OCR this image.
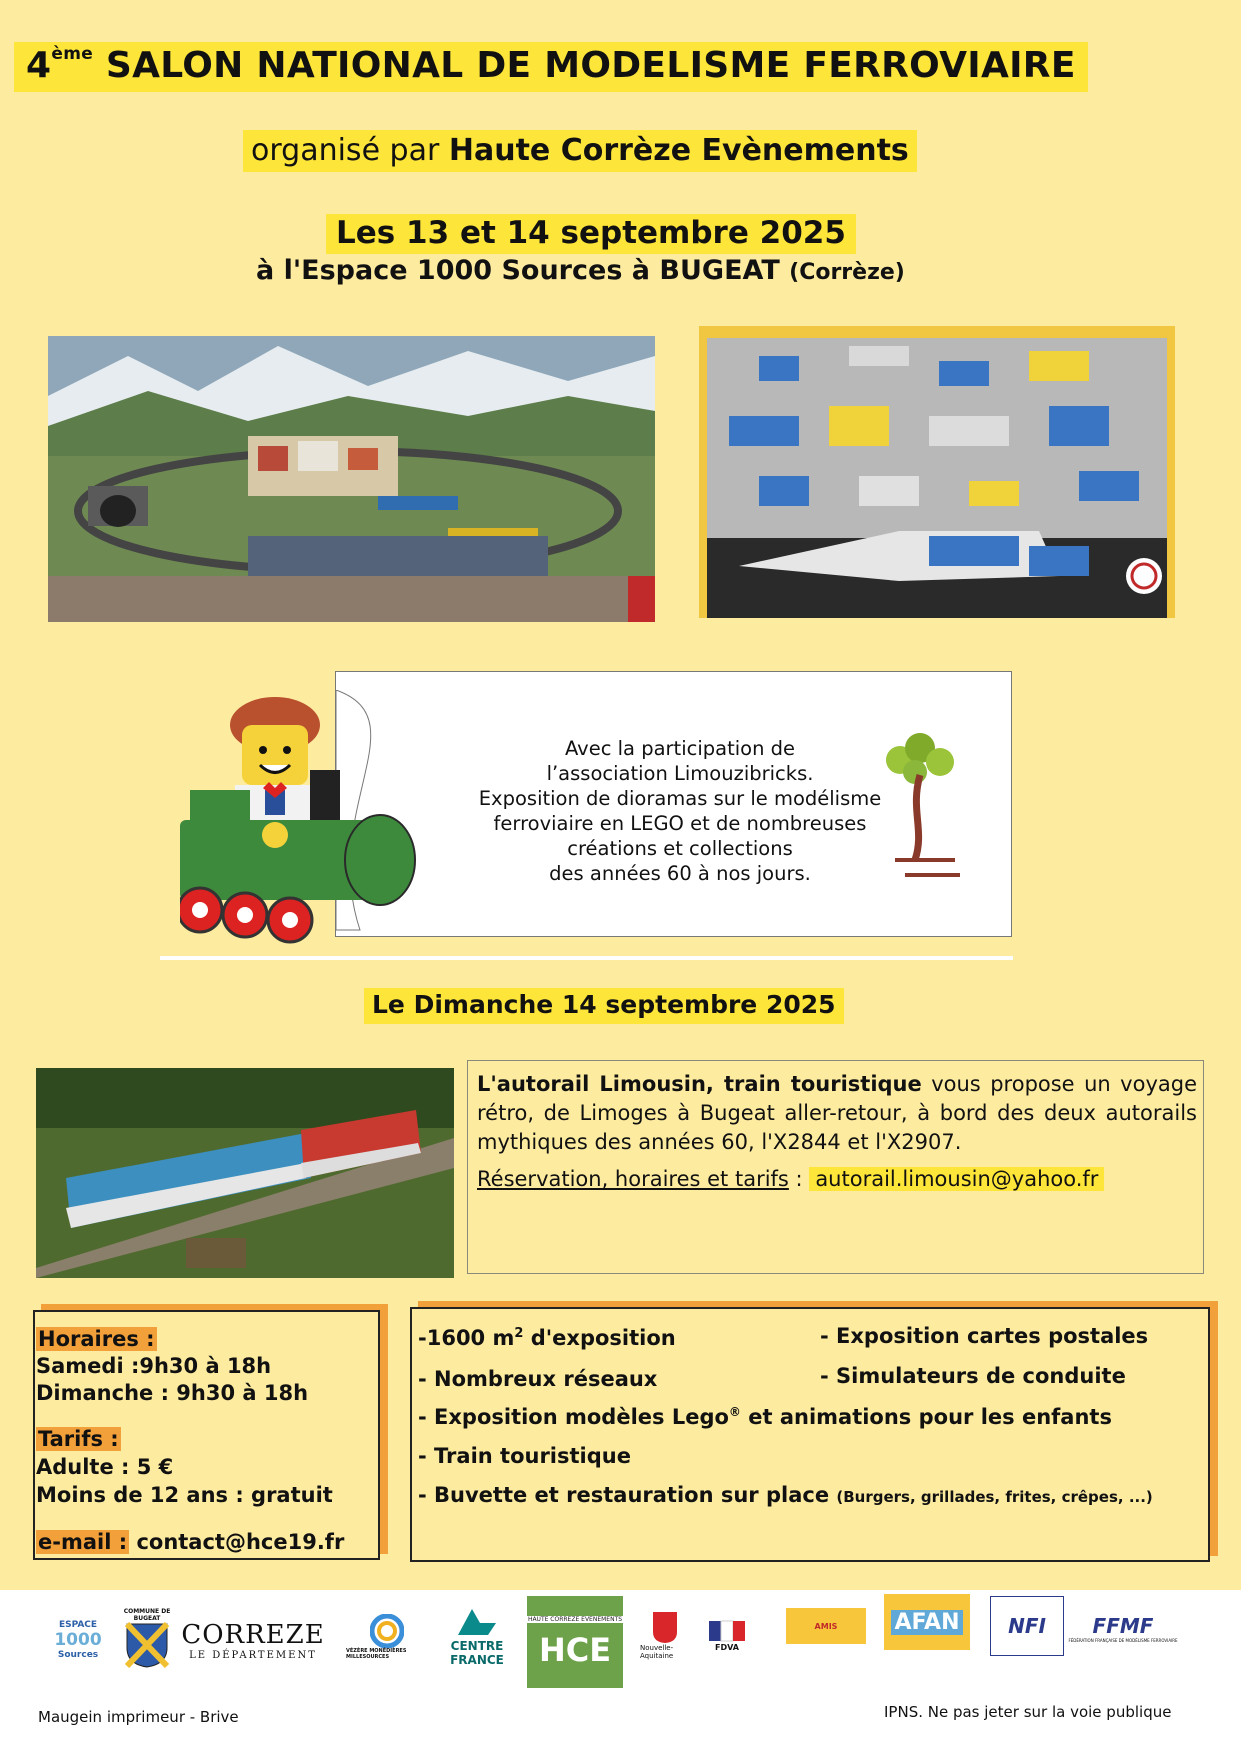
4ème SALON NATIONAL DE MODELISME FERROVIAIRE
organisé par Haute Corrèze Evènements
Les 13 et 14 septembre 2025
à l'Espace 1000 Sources à BUGEAT (Corrèze)
Avec la participation de
l’association Limouzibricks.
Exposition de dioramas sur le modélisme
ferroviaire en LEGO et de nombreuses
créations et collections
des années 60 à nos jours.
Le Dimanche 14 septembre 2025
L'autorail Limousin, train touristique vous propose un voyage rétro, de Limoges à Bugeat aller-retour, à bord des deux autorails mythiques des années 60, l'X2844 et l'X2907.
Réservation, horaires et tarifs : autorail.limousin@yahoo.fr
Horaires :
Samedi :9h30 à 18h
Dimanche : 9h30 à 18h
Tarifs :
Adulte : 5 €
Moins de 12 ans : gratuit
e-mail : contact@hce19.fr
-1600 $m^2$ d'exposition	- Exposition cartes postales
- Nombreux réseaux	- Simulateurs de conduite
- Exposition modèles Lego® et animations pour les enfants
- Train touristique
- Buvette et restauration sur place (Burgers, grillades, frites, crêpes, ...)
ESPACE
1000
Sources
COMMUNE DE BUGEAT
CORREZE
LE DÉPARTEMENT	VÉZÈRE MONÉDIÈRES MILLESOURCES
CENTRE
FRANCE
HAUTE CORREZE EVENEMENTS
HCE	Nouvelle-Aquitaine
FDVA
AMIS	AFAN NFI FFMF
FÉDÉRATION FRANÇAISE DE MODÉLISME FERROVIAIRE
Maugein imprimeur - Brive	IPNS. Ne pas jeter sur la voie publique
